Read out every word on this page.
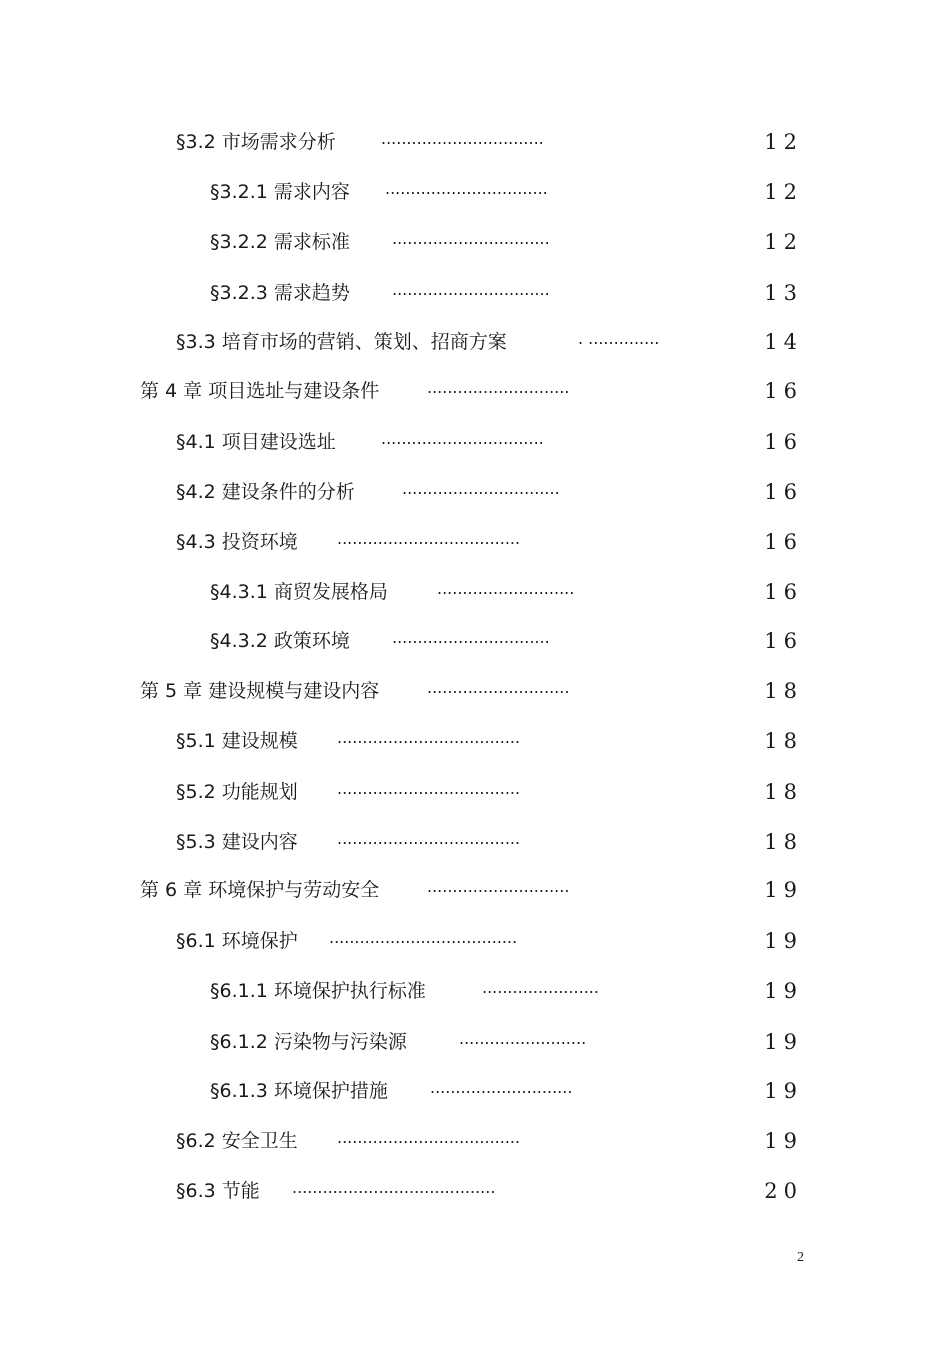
§3.2 市场需求分析	................................	12
§3.2.1 需求内容 ................................	12
§3.2.2 需求标准	...............................	12
§3.2.3 需求趋势	...............................	13
§3.3 培育市场的营销、策划、招商方案	. ..............	14
第 4 章 项目选址与建设条件	............................	16
§4.1 项目建设选址	................................	16
§4.2 建设条件的分析	...............................	16
§4.3 投资环境 ....................................	16
§4.3.1 商贸发展格局	...........................	16
§4.3.2 政策环境	...............................	16
第 5 章 建设规模与建设内容	............................	18
§5.1 建设规模 ....................................	18
§5.2 功能规划 ....................................	18
§5.3 建设内容 ....................................	18
第 6 章 环境保护与劳动安全	............................	19
§6.1 环境保护 .....................................	19
§6.1.1 环境保护执行标准	.......................	19
§6.1.2 污染物与污染源	.........................	19
§6.1.3 环境保护措施	............................	19
§6.2 安全卫生 ....................................	19
§6.3 节能 ........................................	20
2
